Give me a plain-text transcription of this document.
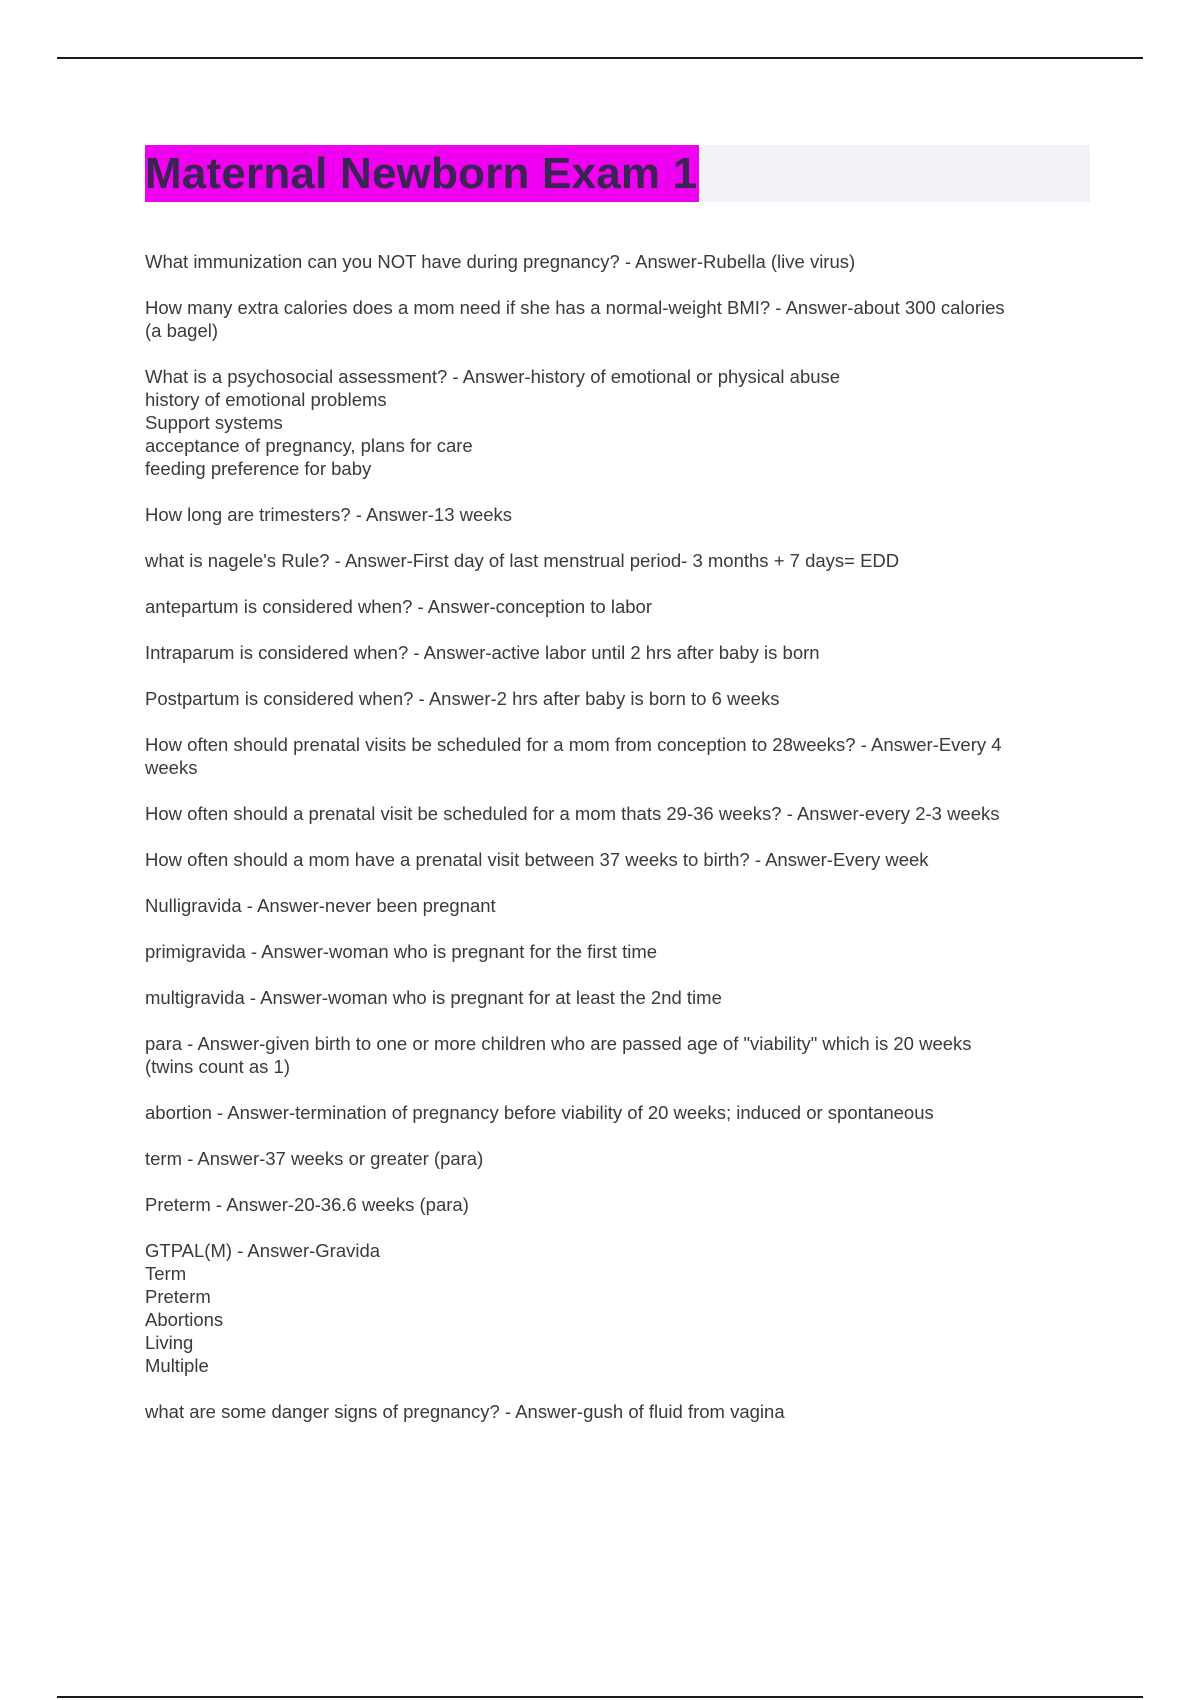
Maternal Newborn Exam 1
What immunization can you NOT have during pregnancy? - Answer-Rubella (live virus)
How many extra calories does a mom need if she has a normal-weight BMI? - Answer-about 300 calories
(a bagel)
What is a psychosocial assessment? - Answer-history of emotional or physical abuse
history of emotional problems
Support systems
acceptance of pregnancy, plans for care
feeding preference for baby
How long are trimesters? - Answer-13 weeks
what is nagele's Rule? - Answer-First day of last menstrual period- 3 months + 7 days= EDD
antepartum is considered when? - Answer-conception to labor
Intraparum is considered when? - Answer-active labor until 2 hrs after baby is born
Postpartum is considered when? - Answer-2 hrs after baby is born to 6 weeks
How often should prenatal visits be scheduled for a mom from conception to 28weeks? - Answer-Every 4
weeks
How often should a prenatal visit be scheduled for a mom thats 29-36 weeks? - Answer-every 2-3 weeks
How often should a mom have a prenatal visit between 37 weeks to birth? - Answer-Every week
Nulligravida - Answer-never been pregnant
primigravida - Answer-woman who is pregnant for the first time
multigravida - Answer-woman who is pregnant for at least the 2nd time
para - Answer-given birth to one or more children who are passed age of "viability" which is 20 weeks
(twins count as 1)
abortion - Answer-termination of pregnancy before viability of 20 weeks; induced or spontaneous
term - Answer-37 weeks or greater (para)
Preterm - Answer-20-36.6 weeks (para)
GTPAL(M) - Answer-Gravida
Term
Preterm
Abortions
Living
Multiple
what are some danger signs of pregnancy? - Answer-gush of fluid from vagina
